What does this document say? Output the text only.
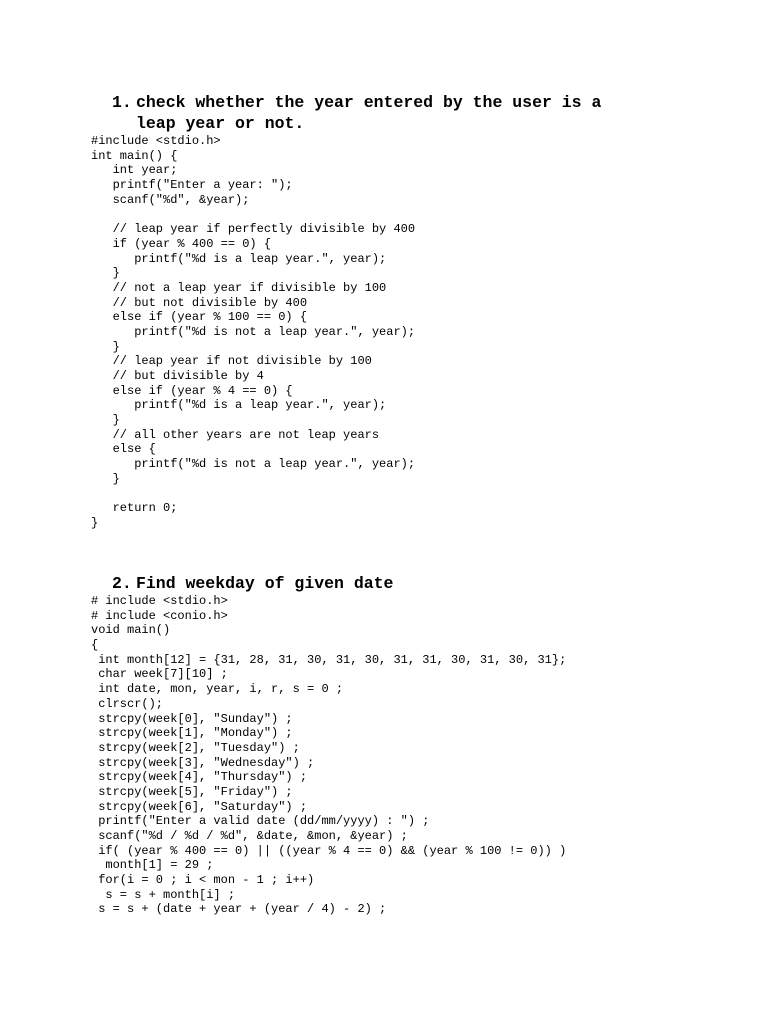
1. check whether the year entered by the user is a leap year or not.
#include <stdio.h>
int main() {
int year;
printf("Enter a year: ");
scanf("%d", &year);
// leap year if perfectly divisible by 400
if (year % 400 == 0) {
printf("%d is a leap year.", year);
}
// not a leap year if divisible by 100
// but not divisible by 400
else if (year % 100 == 0) {
printf("%d is not a leap year.", year);
}
// leap year if not divisible by 100
// but divisible by 4
else if (year % 4 == 0) {
printf("%d is a leap year.", year);
}
// all other years are not leap years
else {
printf("%d is not a leap year.", year);
}
return 0;
}
2. Find weekday of given date
# include <stdio.h>
# include <conio.h>
void main()
{
int month[12] = {31, 28, 31, 30, 31, 30, 31, 31, 30, 31, 30, 31};
char week[7][10] ;
int date, mon, year, i, r, s = 0 ;
clrscr();
strcpy(week[0], "Sunday") ;
strcpy(week[1], "Monday") ;
strcpy(week[2], "Tuesday") ;
strcpy(week[3], "Wednesday") ;
strcpy(week[4], "Thursday") ;
strcpy(week[5], "Friday") ;
strcpy(week[6], "Saturday") ;
printf("Enter a valid date (dd/mm/yyyy) : ") ;
scanf("%d / %d / %d", &date, &mon, &year) ;
if( (year % 400 == 0) || ((year % 4 == 0) && (year % 100 != 0)) )
month[1] = 29 ;
for(i = 0 ; i < mon - 1 ; i++)
s = s + month[i] ;
s = s + (date + year + (year / 4) - 2) ;
